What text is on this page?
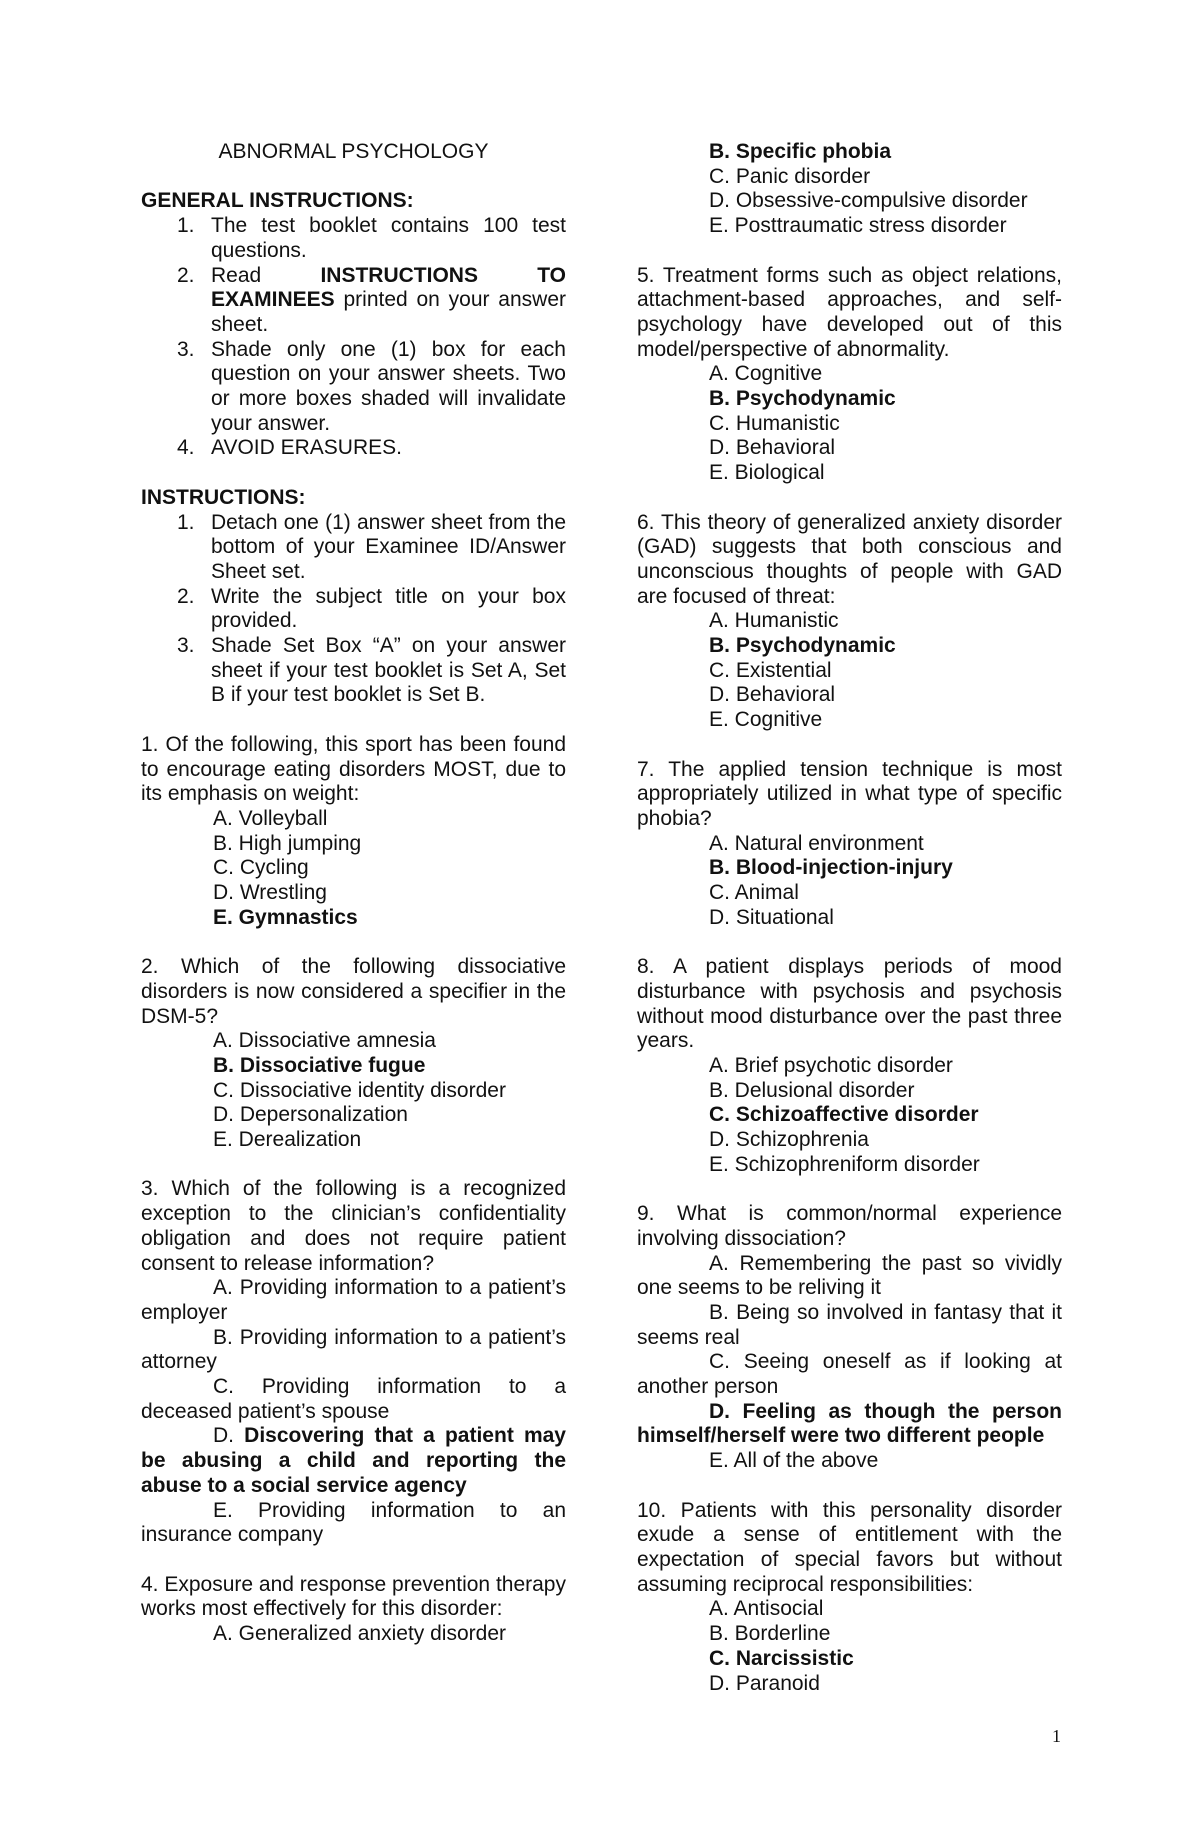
ABNORMAL PSYCHOLOGY
GENERAL INSTRUCTIONS:
1. The test booklet contains 100 test questions.
2. Read INSTRUCTIONS TO EXAMINEES printed on your answer sheet.
3. Shade only one (1) box for each question on your answer sheets. Two or more boxes shaded will invalidate your answer.
4. AVOID ERASURES.
INSTRUCTIONS:
1. Detach one (1) answer sheet from the bottom of your Examinee ID/Answer Sheet set.
2. Write the subject title on your box provided.
3. Shade Set Box “A” on your answer sheet if your test booklet is Set A, Set B if your test booklet is Set B.
1. Of the following, this sport has been found to encourage eating disorders MOST, due to its emphasis on weight:
A. Volleyball
B. High jumping
C. Cycling
D. Wrestling
E. Gymnastics
2. Which of the following dissociative disorders is now considered a specifier in the DSM-5?
A. Dissociative amnesia
B. Dissociative fugue
C. Dissociative identity disorder
D. Depersonalization
E. Derealization
3. Which of the following is a recognized exception to the clinician’s confidentiality obligation and does not require patient consent to release information?
A. Providing information to a patient’s employer
B. Providing information to a patient’s attorney
C. Providing information to a deceased patient’s spouse
D. Discovering that a patient may be abusing a child and reporting the abuse to a social service agency
E. Providing information to an insurance company
4. Exposure and response prevention therapy works most effectively for this disorder:
A. Generalized anxiety disorder
B. Specific phobia
C. Panic disorder
D. Obsessive-compulsive disorder
E. Posttraumatic stress disorder
5. Treatment forms such as object relations, attachment-based approaches, and self-psychology have developed out of this model/perspective of abnormality.
A. Cognitive
B. Psychodynamic
C. Humanistic
D. Behavioral
E. Biological
6. This theory of generalized anxiety disorder (GAD) suggests that both conscious and unconscious thoughts of people with GAD are focused of threat:
A. Humanistic
B. Psychodynamic
C. Existential
D. Behavioral
E. Cognitive
7. The applied tension technique is most appropriately utilized in what type of specific phobia?
A. Natural environment
B. Blood-injection-injury
C. Animal
D. Situational
8. A patient displays periods of mood disturbance with psychosis and psychosis without mood disturbance over the past three years.
A. Brief psychotic disorder
B. Delusional disorder
C. Schizoaffective disorder
D. Schizophrenia
E. Schizophreniform disorder
9. What is common/normal experience involving dissociation?
A. Remembering the past so vividly one seems to be reliving it
B. Being so involved in fantasy that it seems real
C. Seeing oneself as if looking at another person
D. Feeling as though the person himself/herself were two different people
E. All of the above
10. Patients with this personality disorder exude a sense of entitlement with the expectation of special favors but without assuming reciprocal responsibilities:
A. Antisocial
B. Borderline
C. Narcissistic
D. Paranoid
1
